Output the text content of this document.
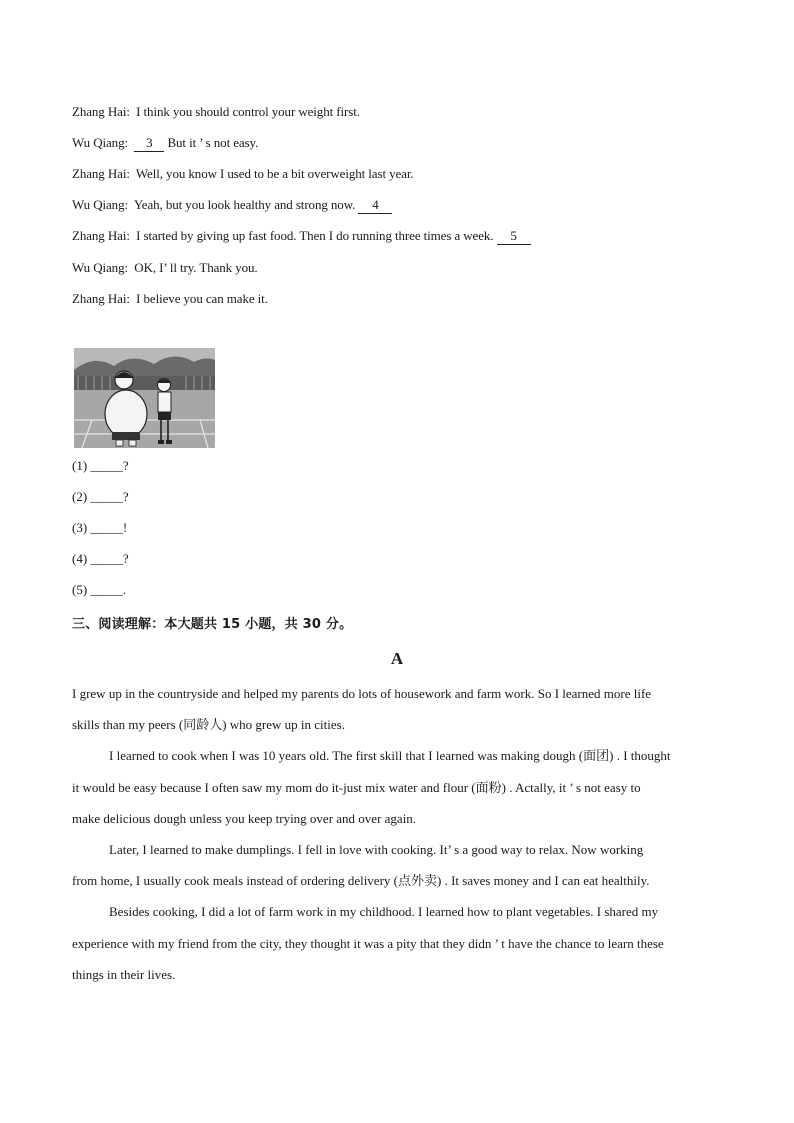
Zhang Hai: I think you should control your weight first.
Wu Qiang: 3 But it ’ s not easy.
Zhang Hai: Well, you know I used to be a bit overweight last year.
Wu Qiang: Yeah, but you look healthy and strong now. 4
Zhang Hai: I started by giving up fast food. Then I do running three times a week. 5
Wu Qiang: OK, I’ ll try. Thank you.
Zhang Hai: I believe you can make it.
(1) _____?
(2) _____?
(3) _____!
(4) _____?
(5) _____.
三、阅读理解：本大题共 15 小题，共 30 分。
A
I grew up in the countryside and helped my parents do lots of housework and farm work. So I learned more life
skills than my peers (同龄人) who grew up in cities.
I learned to cook when I was 10 years old. The first skill that I learned was making dough (面团) . I thought
it would be easy because I often saw my mom do it-just mix water and flour (面粉) . Actally, it ’ s not easy to
make delicious dough unless you keep trying over and over again.
Later, I learned to make dumplings. I fell in love with cooking. It’ s a good way to relax. Now working
from home, I usually cook meals instead of ordering delivery (点外卖) . It saves money and I can eat healthily.
Besides cooking, I did a lot of farm work in my childhood. I learned how to plant vegetables. I shared my
experience with my friend from the city, they thought it was a pity that they didn ’ t have the chance to learn these
things in their lives.
